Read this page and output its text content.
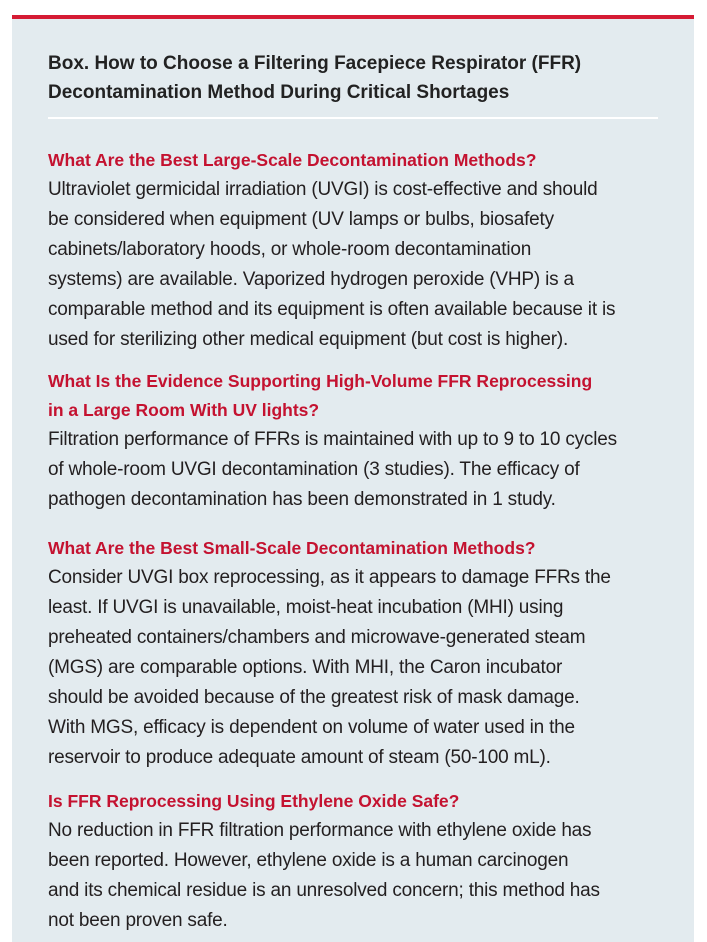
Box. How to Choose a Filtering Facepiece Respirator (FFR)
Decontamination Method During Critical Shortages
What Are the Best Large-Scale Decontamination Methods?
Ultraviolet germicidal irradiation (UVGI) is cost-effective and should
be considered when equipment (UV lamps or bulbs, biosafety
cabinets/laboratory hoods, or whole-room decontamination
systems) are available. Vaporized hydrogen peroxide (VHP) is a
comparable method and its equipment is often available because it is
used for sterilizing other medical equipment (but cost is higher).
What Is the Evidence Supporting High-Volume FFR Reprocessing
in a Large Room With UV lights?
Filtration performance of FFRs is maintained with up to 9 to 10 cycles
of whole-room UVGI decontamination (3 studies). The efficacy of
pathogen decontamination has been demonstrated in 1 study.
What Are the Best Small-Scale Decontamination Methods?
Consider UVGI box reprocessing, as it appears to damage FFRs the
least. If UVGI is unavailable, moist-heat incubation (MHI) using
preheated containers/chambers and microwave-generated steam
(MGS) are comparable options. With MHI, the Caron incubator
should be avoided because of the greatest risk of mask damage.
With MGS, efficacy is dependent on volume of water used in the
reservoir to produce adequate amount of steam (50-100 mL).
Is FFR Reprocessing Using Ethylene Oxide Safe?
No reduction in FFR filtration performance with ethylene oxide has
been reported. However, ethylene oxide is a human carcinogen
and its chemical residue is an unresolved concern; this method has
not been proven safe.
